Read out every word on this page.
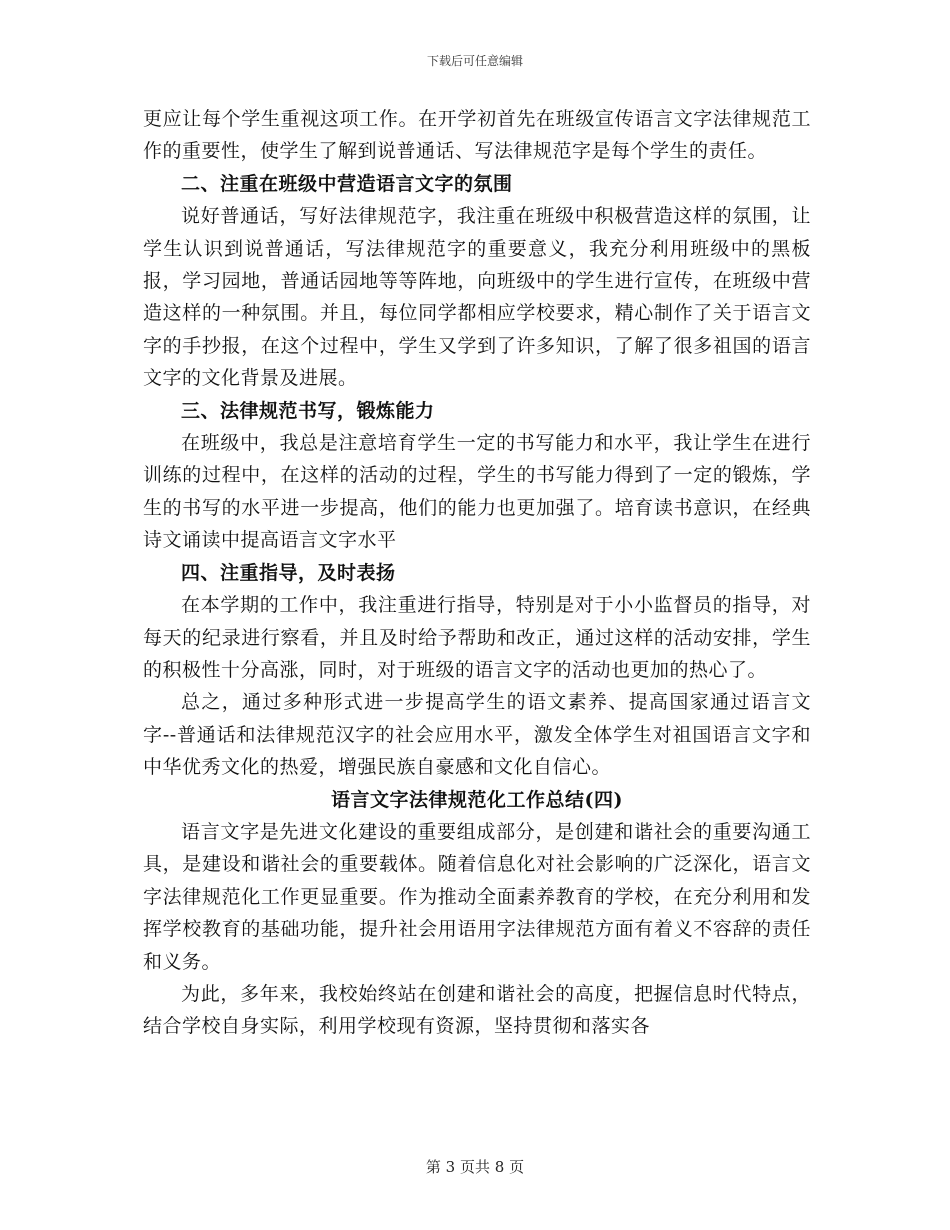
下载后可任意编辑

更应让每个学生重视这项工作。在开学初首先在班级宣传语言文字法律规范工作的重要性，使学生了解到说普通话、写法律规范字是每个学生的责任。

二、注重在班级中营造语言文字的氛围

说好普通话，写好法律规范字，我注重在班级中积极营造这样的氛围，让学生认识到说普通话，写法律规范字的重要意义，我充分利用班级中的黑板报，学习园地，普通话园地等等阵地，向班级中的学生进行宣传，在班级中营造这样的一种氛围。并且，每位同学都相应学校要求，精心制作了关于语言文字的手抄报，在这个过程中，学生又学到了许多知识，了解了很多祖国的语言文字的文化背景及进展。

三、法律规范书写，锻炼能力

在班级中，我总是注意培育学生一定的书写能力和水平，我让学生在进行训练的过程中，在这样的活动的过程，学生的书写能力得到了一定的锻炼，学生的书写的水平进一步提高，他们的能力也更加强了。培育读书意识，在经典诗文诵读中提高语言文字水平

四、注重指导，及时表扬

在本学期的工作中，我注重进行指导，特别是对于小小监督员的指导，对每天的纪录进行察看，并且及时给予帮助和改正，通过这样的活动安排，学生的积极性十分高涨，同时，对于班级的语言文字的活动也更加的热心了。

总之，通过多种形式进一步提高学生的语文素养、提高国家通过语言文字--普通话和法律规范汉字的社会应用水平，激发全体学生对祖国语言文字和中华优秀文化的热爱，增强民族自豪感和文化自信心。

语言文字法律规范化工作总结(四)

语言文字是先进文化建设的重要组成部分，是创建和谐社会的重要沟通工具，是建设和谐社会的重要载体。随着信息化对社会影响的广泛深化，语言文字法律规范化工作更显重要。作为推动全面素养教育的学校，在充分利用和发挥学校教育的基础功能，提升社会用语用字法律规范方面有着义不容辞的责任和义务。

为此，多年来，我校始终站在创建和谐社会的高度，把握信息时代特点，结合学校自身实际，利用学校现有资源，坚持贯彻和落实各

第 3 页共 8 页
